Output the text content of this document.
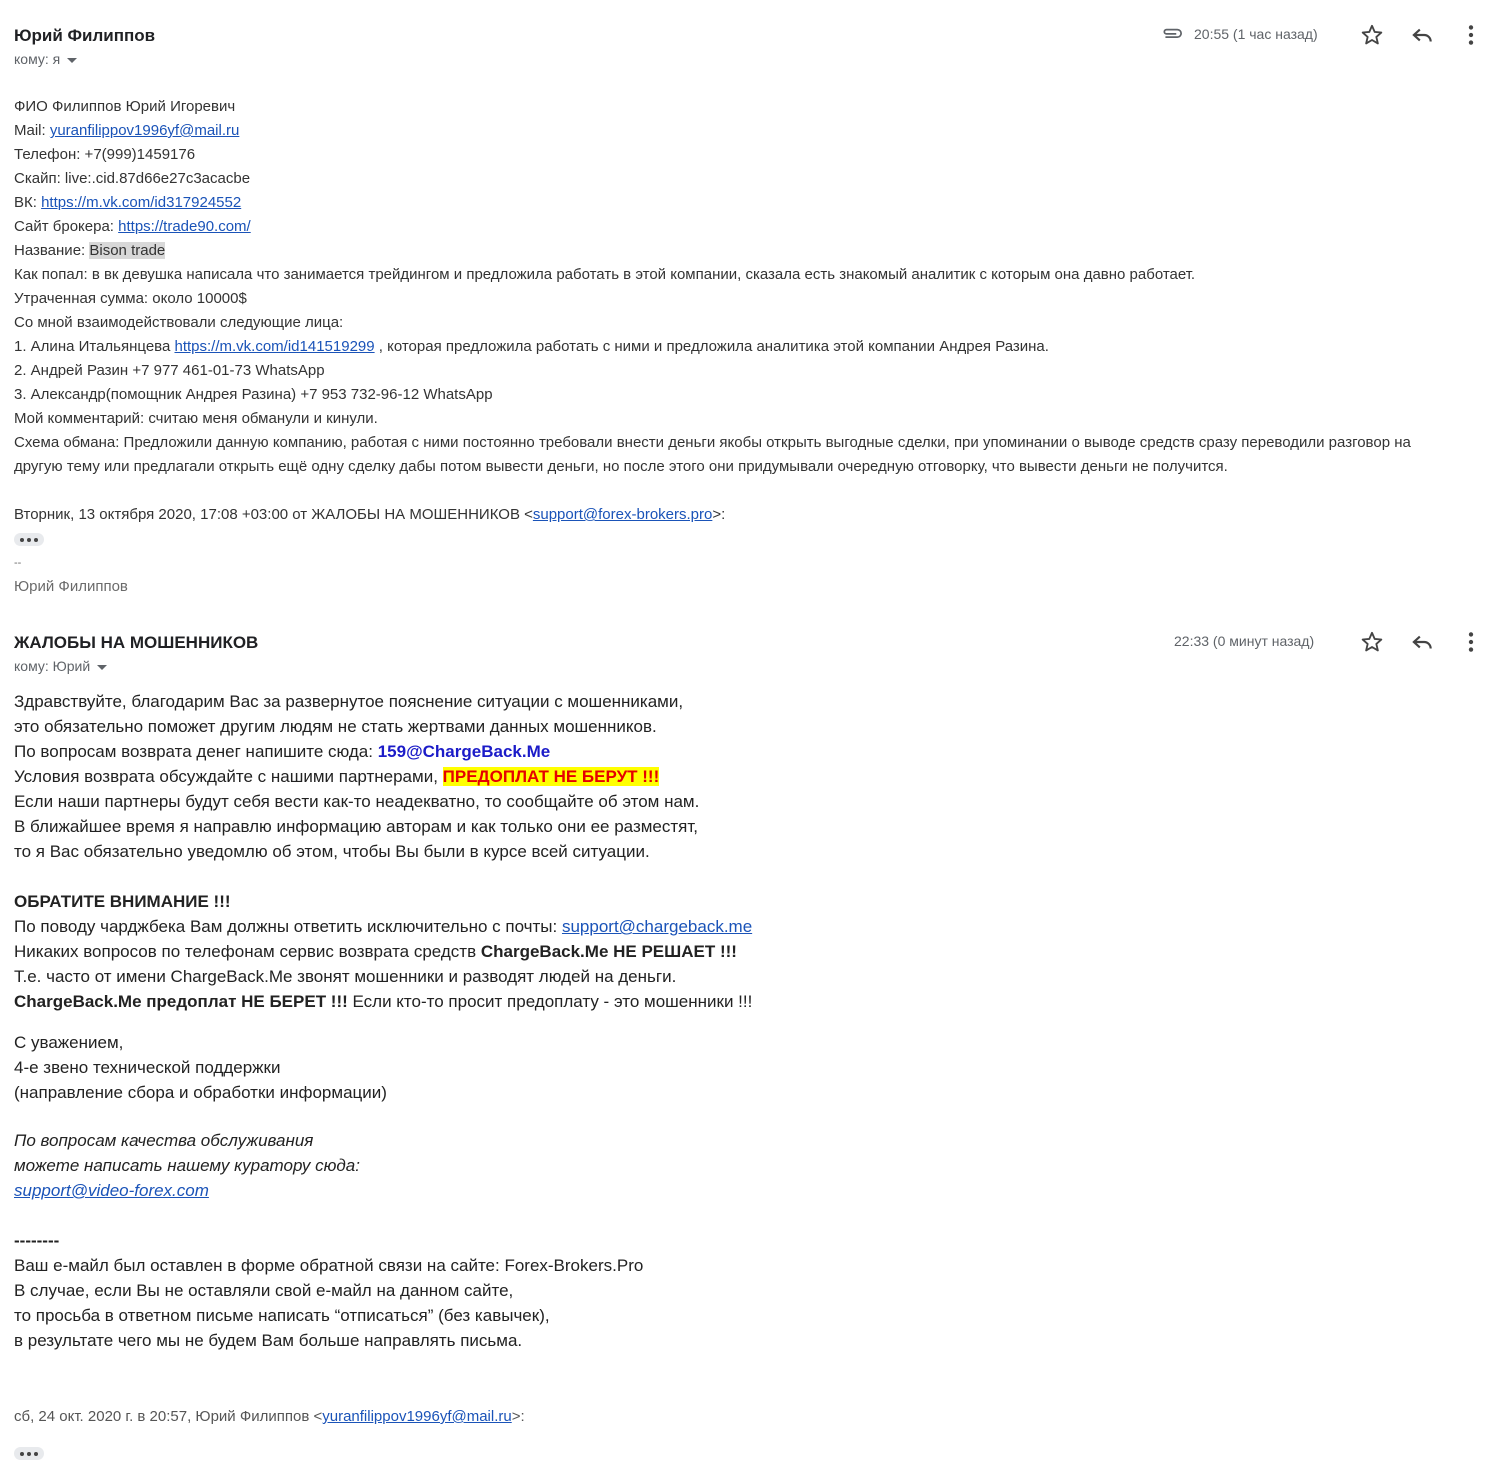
Юрий Филиппов
кому: я
20:55 (1 час назад)
ФИО Филиппов Юрий Игоревич
Mail: yuranfilippov1996yf@mail.ru
Телефон: +7(999)1459176
Скайп: live:.cid.87d66e27c3acacbe
ВК: https://m.vk.com/id317924552
Сайт брокера: https://trade90.com/
Название: Bison trade
Как попал: в вк девушка написала что занимается трейдингом и предложила работать в этой компании, сказала есть знакомый аналитик с которым она давно работает.
Утраченная сумма: около 10000$
Со мной взаимодействовали следующие лица:
1. Алина Итальянцева https://m.vk.com/id141519299 , которая предложила работать с ними и предложила аналитика этой компании Андрея Разина.
2. Андрей Разин +7 977 461-01-73 WhatsApp
3. Александр(помощник Андрея Разина) +7 953 732-96-12 WhatsApp
Мой комментарий: считаю меня обманули и кинули.
Схема обмана: Предложили данную компанию, работая с ними постоянно требовали внести деньги якобы открыть выгодные сделки, при упоминании о выводе средств сразу переводили разговор на другую тему или предлагали открыть ещё одну сделку дабы потом вывести деньги, но после этого они придумывали очередную отговорку, что вывести деньги не получится.
Вторник, 13 октября 2020, 17:08 +03:00 от ЖАЛОБЫ НА МОШЕННИКОВ <support@forex-brokers.pro>:
--
Юрий Филиппов
ЖАЛОБЫ НА МОШЕННИКОВ
кому: Юрий
22:33 (0 минут назад)
Здравствуйте, благодарим Вас за развернутое пояснение ситуации с мошенниками,
это обязательно поможет другим людям не стать жертвами данных мошенников.
По вопросам возврата денег напишите сюда: 159@ChargeBack.Me
Условия возврата обсуждайте с нашими партнерами, ПРЕДОПЛАТ НЕ БЕРУТ !!!
Если наши партнеры будут себя вести как-то неадекватно, то сообщайте об этом нам.
В ближайшее время я направлю информацию авторам и как только они ее разместят,
то я Вас обязательно уведомлю об этом, чтобы Вы были в курсе всей ситуации.
ОБРАТИТЕ ВНИМАНИЕ !!!
По поводу чарджбека Вам должны ответить исключительно с почты: support@chargeback.me
Никаких вопросов по телефонам сервис возврата средств ChargeBack.Me НЕ РЕШАЕТ !!!
Т.е. часто от имени ChargeBack.Me звонят мошенники и разводят людей на деньги.
ChargeBack.Me предоплат НЕ БЕРЕТ !!! Если кто-то просит предоплату - это мошенники !!!
С уважением,
4-е звено технической поддержки
(направление сбора и обработки информации)
По вопросам качества обслуживания
можете написать нашему куратору сюда:
support@video-forex.com
--------
Ваш е-майл был оставлен в форме обратной связи на сайте: Forex-Brokers.Pro
В случае, если Вы не оставляли свой е-майл на данном сайте,
то просьба в ответном письме написать “отписаться” (без кавычек),
в результате чего мы не будем Вам больше направлять письма.
сб, 24 окт. 2020 г. в 20:57, Юрий Филиппов <yuranfilippov1996yf@mail.ru>:
